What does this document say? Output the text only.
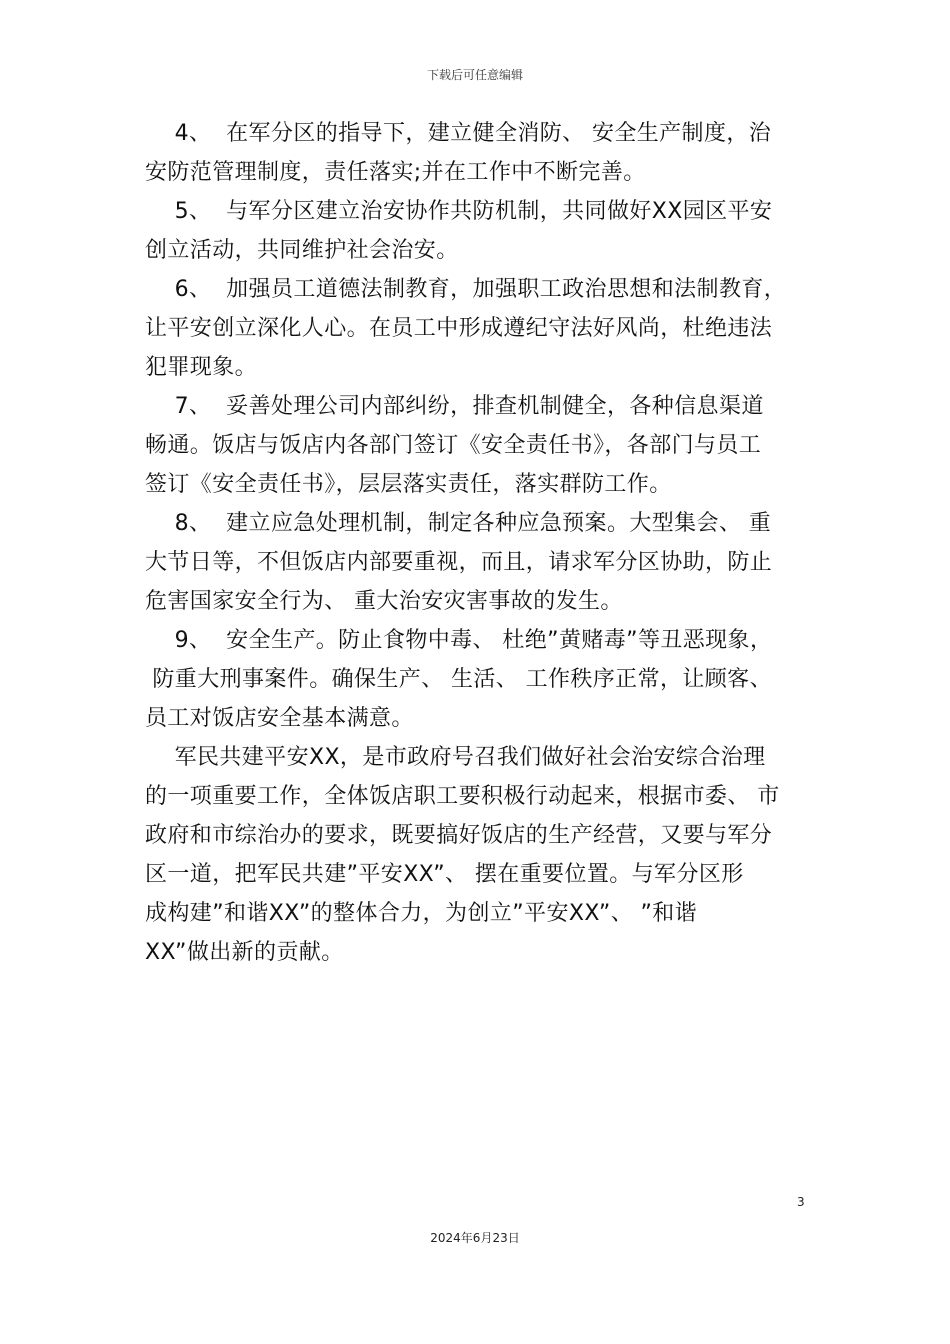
下载后可任意编辑
4、  在军分区的指导下，建立健全消防、 安全生产制度，治
安防范管理制度，责任落实;并在工作中不断完善。
5、  与军分区建立治安协作共防机制，共同做好XX园区平安
创立活动，共同维护社会治安。
6、  加强员工道德法制教育，加强职工政治思想和法制教育，
让平安创立深化人心。在员工中形成遵纪守法好风尚，杜绝违法
犯罪现象。
7、  妥善处理公司内部纠纷，排查机制健全，各种信息渠道
畅通。饭店与饭店内各部门签订《安全责任书》，各部门与员工
签订《安全责任书》，层层落实责任，落实群防工作。
8、  建立应急处理机制，制定各种应急预案。大型集会、 重
大节日等，不但饭店内部要重视，而且，请求军分区协助，防止
危害国家安全行为、 重大治安灾害事故的发生。
9、  安全生产。防止食物中毒、 杜绝”黄赌毒”等丑恶现象，
防重大刑事案件。确保生产、 生活、 工作秩序正常，让顾客、
员工对饭店安全基本满意。
军民共建平安XX，是市政府号召我们做好社会治安综合治理
的一项重要工作，全体饭店职工要积极行动起来，根据市委、 市
政府和市综治办的要求，既要搞好饭店的生产经营，又要与军分
区一道，把军民共建”平安XX”、 摆在重要位置。与军分区形
成构建”和谐XX”的整体合力，为创立”平安XX”、 ”和谐
XX”做出新的贡献。
3
2024年6月23日
